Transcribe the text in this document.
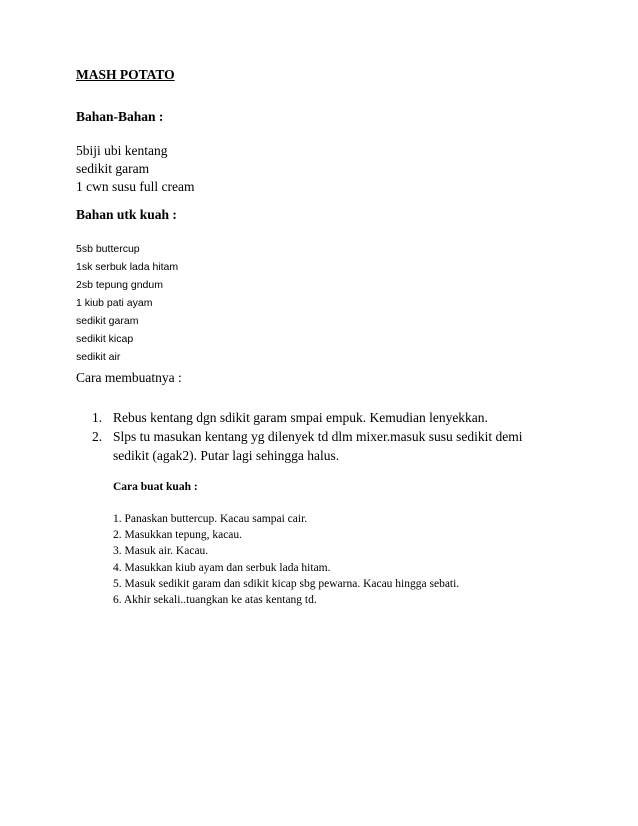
MASH POTATO
Bahan-Bahan :
5biji ubi kentang
sedikit garam
1 cwn susu full cream
Bahan utk kuah :
5sb buttercup
1sk serbuk lada hitam
2sb tepung gndum
1 kiub pati ayam
sedikit garam
sedikit kicap
sedikit air
Cara membuatnya :
1. Rebus kentang dgn sdikit garam smpai empuk. Kemudian lenyekkan.
2. Slps tu masukan kentang yg dilenyek td dlm mixer.masuk susu sedikit demi sedikit (agak2). Putar lagi sehingga halus.
Cara buat kuah :
1. Panaskan buttercup. Kacau sampai cair.
2. Masukkan tepung, kacau.
3. Masuk air. Kacau.
4. Masukkan kiub ayam dan serbuk lada hitam.
5. Masuk sedikit garam dan sdikit kicap sbg pewarna. Kacau hingga sebati.
6. Akhir sekali..tuangkan ke atas kentang td.
